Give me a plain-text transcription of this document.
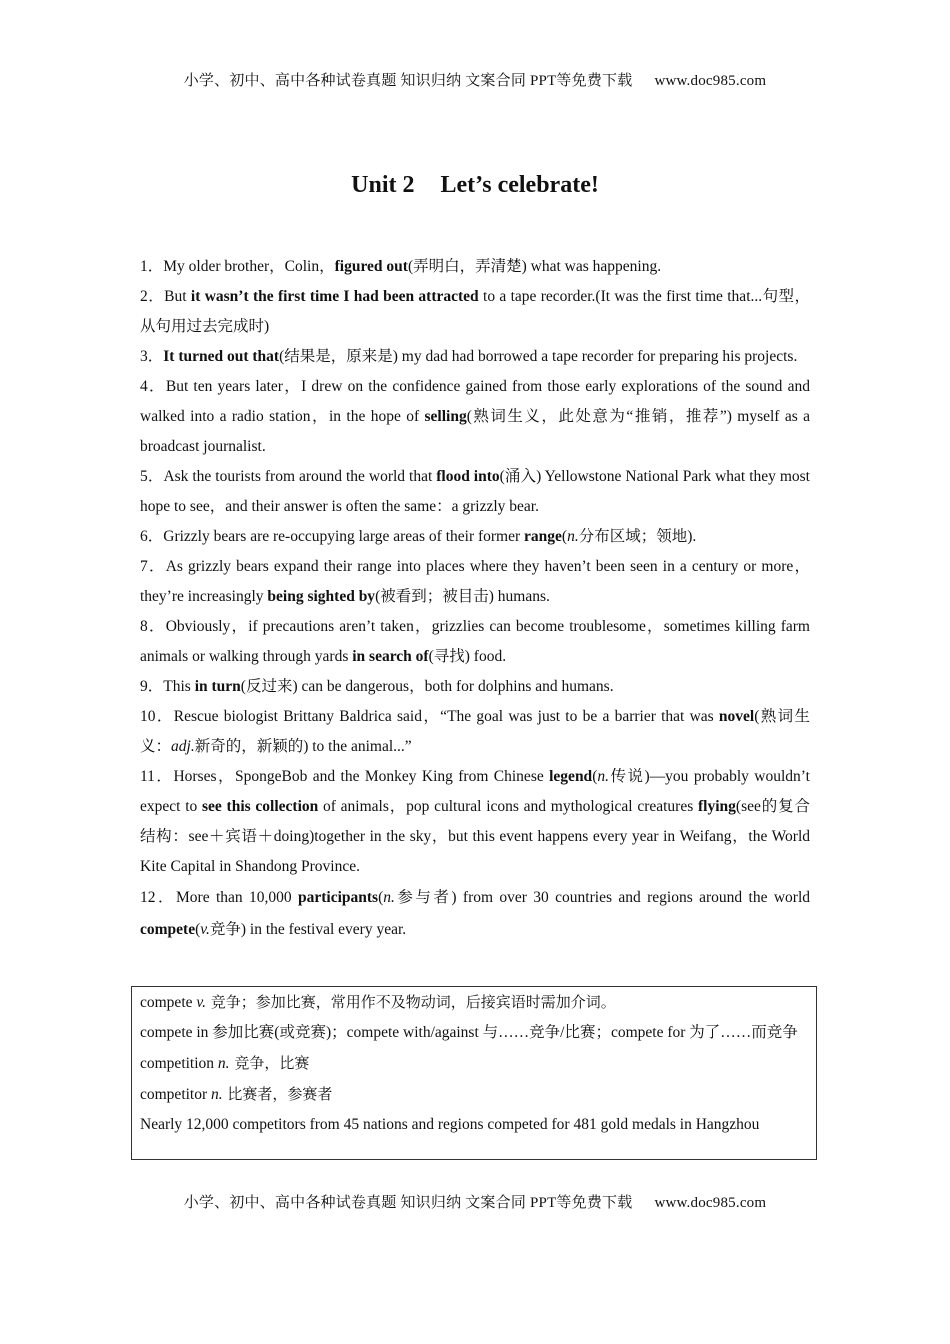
小学、初中、高中各种试卷真题 知识归纳 文案合同 PPT等免费下载 www.doc985.com
Unit 2 Let’s celebrate!

1．My older brother，Colin，figured out(弄明白，弄清楚) what was happening.

2．But it wasn’t the first time I had been attracted to a tape recorder.(It was the first time that...句型，从句用过去完成时)

3．It turned out that(结果是，原来是) my dad had borrowed a tape recorder for preparing his projects.

4．But ten years later，I drew on the confidence gained from those early explorations of the sound and walked into a radio station，in the hope of selling(熟词生义，此处意为“推销，推荐”) myself as a broadcast journalist.

5．Ask the tourists from around the world that flood into(涌入) Yellowstone National Park what they most hope to see，and their answer is often the same：a grizzly bear.

6．Grizzly bears are re-occupying large areas of their former range(n.分布区域；领地).

7．As grizzly bears expand their range into places where they haven’t been seen in a century or more，they’re increasingly being sighted by(被看到；被目击) humans.

8．Obviously，if precautions aren’t taken，grizzlies can become troublesome，sometimes killing farm animals or walking through yards in search of(寻找) food.

9．This in turn(反过来) can be dangerous，both for dolphins and humans.

10．Rescue biologist Brittany Baldrica said，“The goal was just to be a barrier that was novel(熟词生义：adj.新奇的，新颖的) to the animal...”

11．Horses，SpongeBob and the Monkey King from Chinese legend(n.传说)—you probably wouldn’t expect to see this collection of animals，pop cultural icons and mythological creatures flying(see的复合结构：see＋宾语＋doing)together in the sky，but this event happens every year in Weifang，the World Kite Capital in Shandong Province.

12．More than 10,000 participants(n.参与者) from over 30 countries and regions around the world compete(v.竞争) in the festival every year.

compete v. 竞争；参加比赛，常用作不及物动词，后接宾语时需加介词。

compete in 参加比赛(或竞赛)；compete with/against 与……竞争/比赛；compete for 为了……而竞争

competition n. 竞争，比赛

competitor n. 比赛者，参赛者

Nearly 12,000 competitors from 45 nations and regions competed for 481 gold medals in Hangzhou

小学、初中、高中各种试卷真题 知识归纳 文案合同 PPT等免费下载 www.doc985.com
